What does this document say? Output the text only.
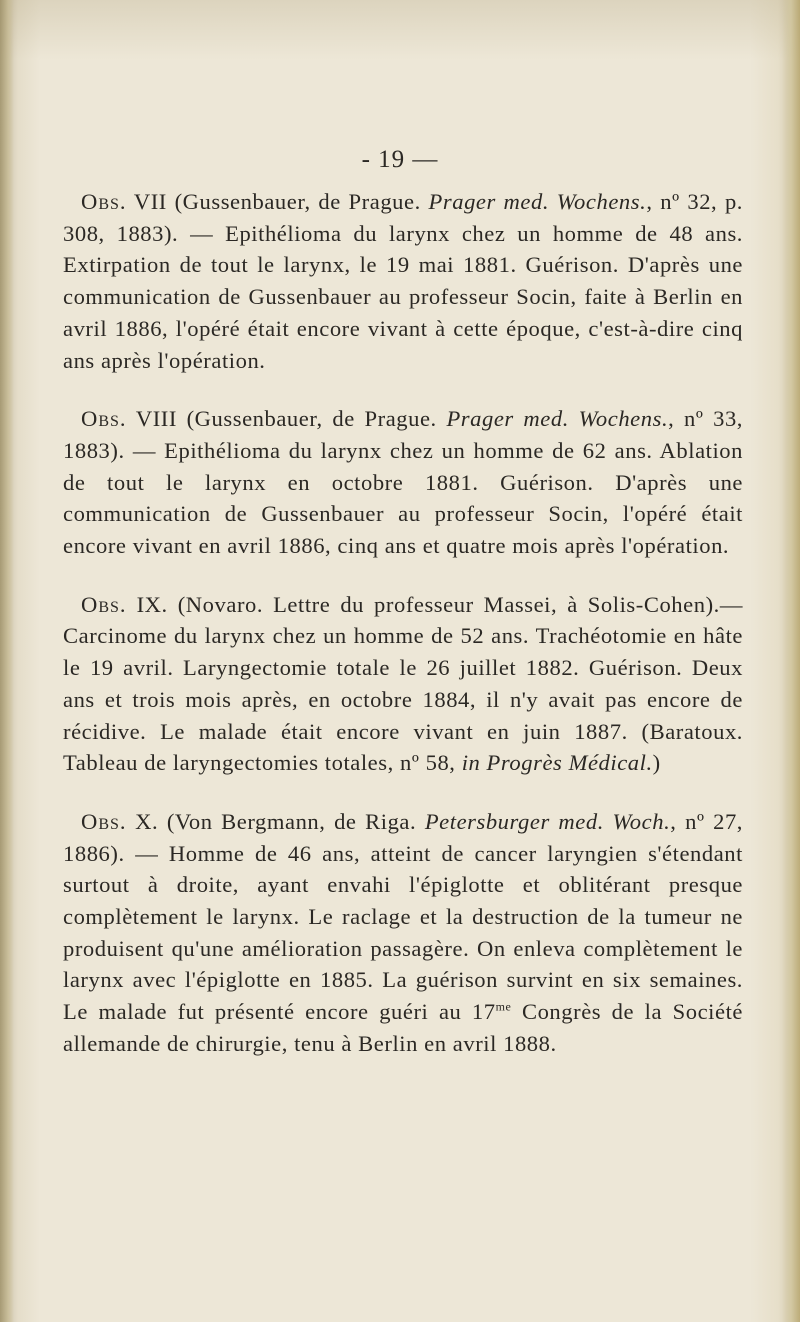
- 19 —

Obs. VII (Gussenbauer, de Prague. Prager med. Wochens., nº 32, p. 308, 1883). — Epithélioma du larynx chez un homme de 48 ans. Extirpation de tout le larynx, le 19 mai 1881. Guérison. D'après une communication de Gussenbauer au professeur Socin, faite à Berlin en avril 1886, l'opéré était encore vivant à cette époque, c'est-à-dire cinq ans après l'opération.

Obs. VIII (Gussenbauer, de Prague. Prager med. Wochens., nº 33, 1883). — Epithélioma du larynx chez un homme de 62 ans. Ablation de tout le larynx en octobre 1881. Guérison. D'après une communication de Gussenbauer au professeur Socin, l'opéré était encore vivant en avril 1886, cinq ans et quatre mois après l'opération.

Obs. IX. (Novaro. Lettre du professeur Massei, à Solis-Cohen).— Carcinome du larynx chez un homme de 52 ans. Trachéotomie en hâte le 19 avril. Laryngectomie totale le 26 juillet 1882. Guérison. Deux ans et trois mois après, en octobre 1884, il n'y avait pas encore de récidive. Le malade était encore vivant en juin 1887. (Baratoux. Tableau de laryngectomies totales, nº 58, in Progrès Médical.)

Obs. X. (Von Bergmann, de Riga. Petersburger med. Woch., nº 27, 1886). — Homme de 46 ans, atteint de cancer laryngien s'étendant surtout à droite, ayant envahi l'épiglotte et oblitérant presque complètement le larynx. Le raclage et la destruction de la tumeur ne produisent qu'une amélioration passagère. On enleva complètement le larynx avec l'épiglotte en 1885. La guérison survint en six semaines. Le malade fut présenté encore guéri au $17^{me}$ Congrès de la Société allemande de chirurgie, tenu à Berlin en avril 1888.
